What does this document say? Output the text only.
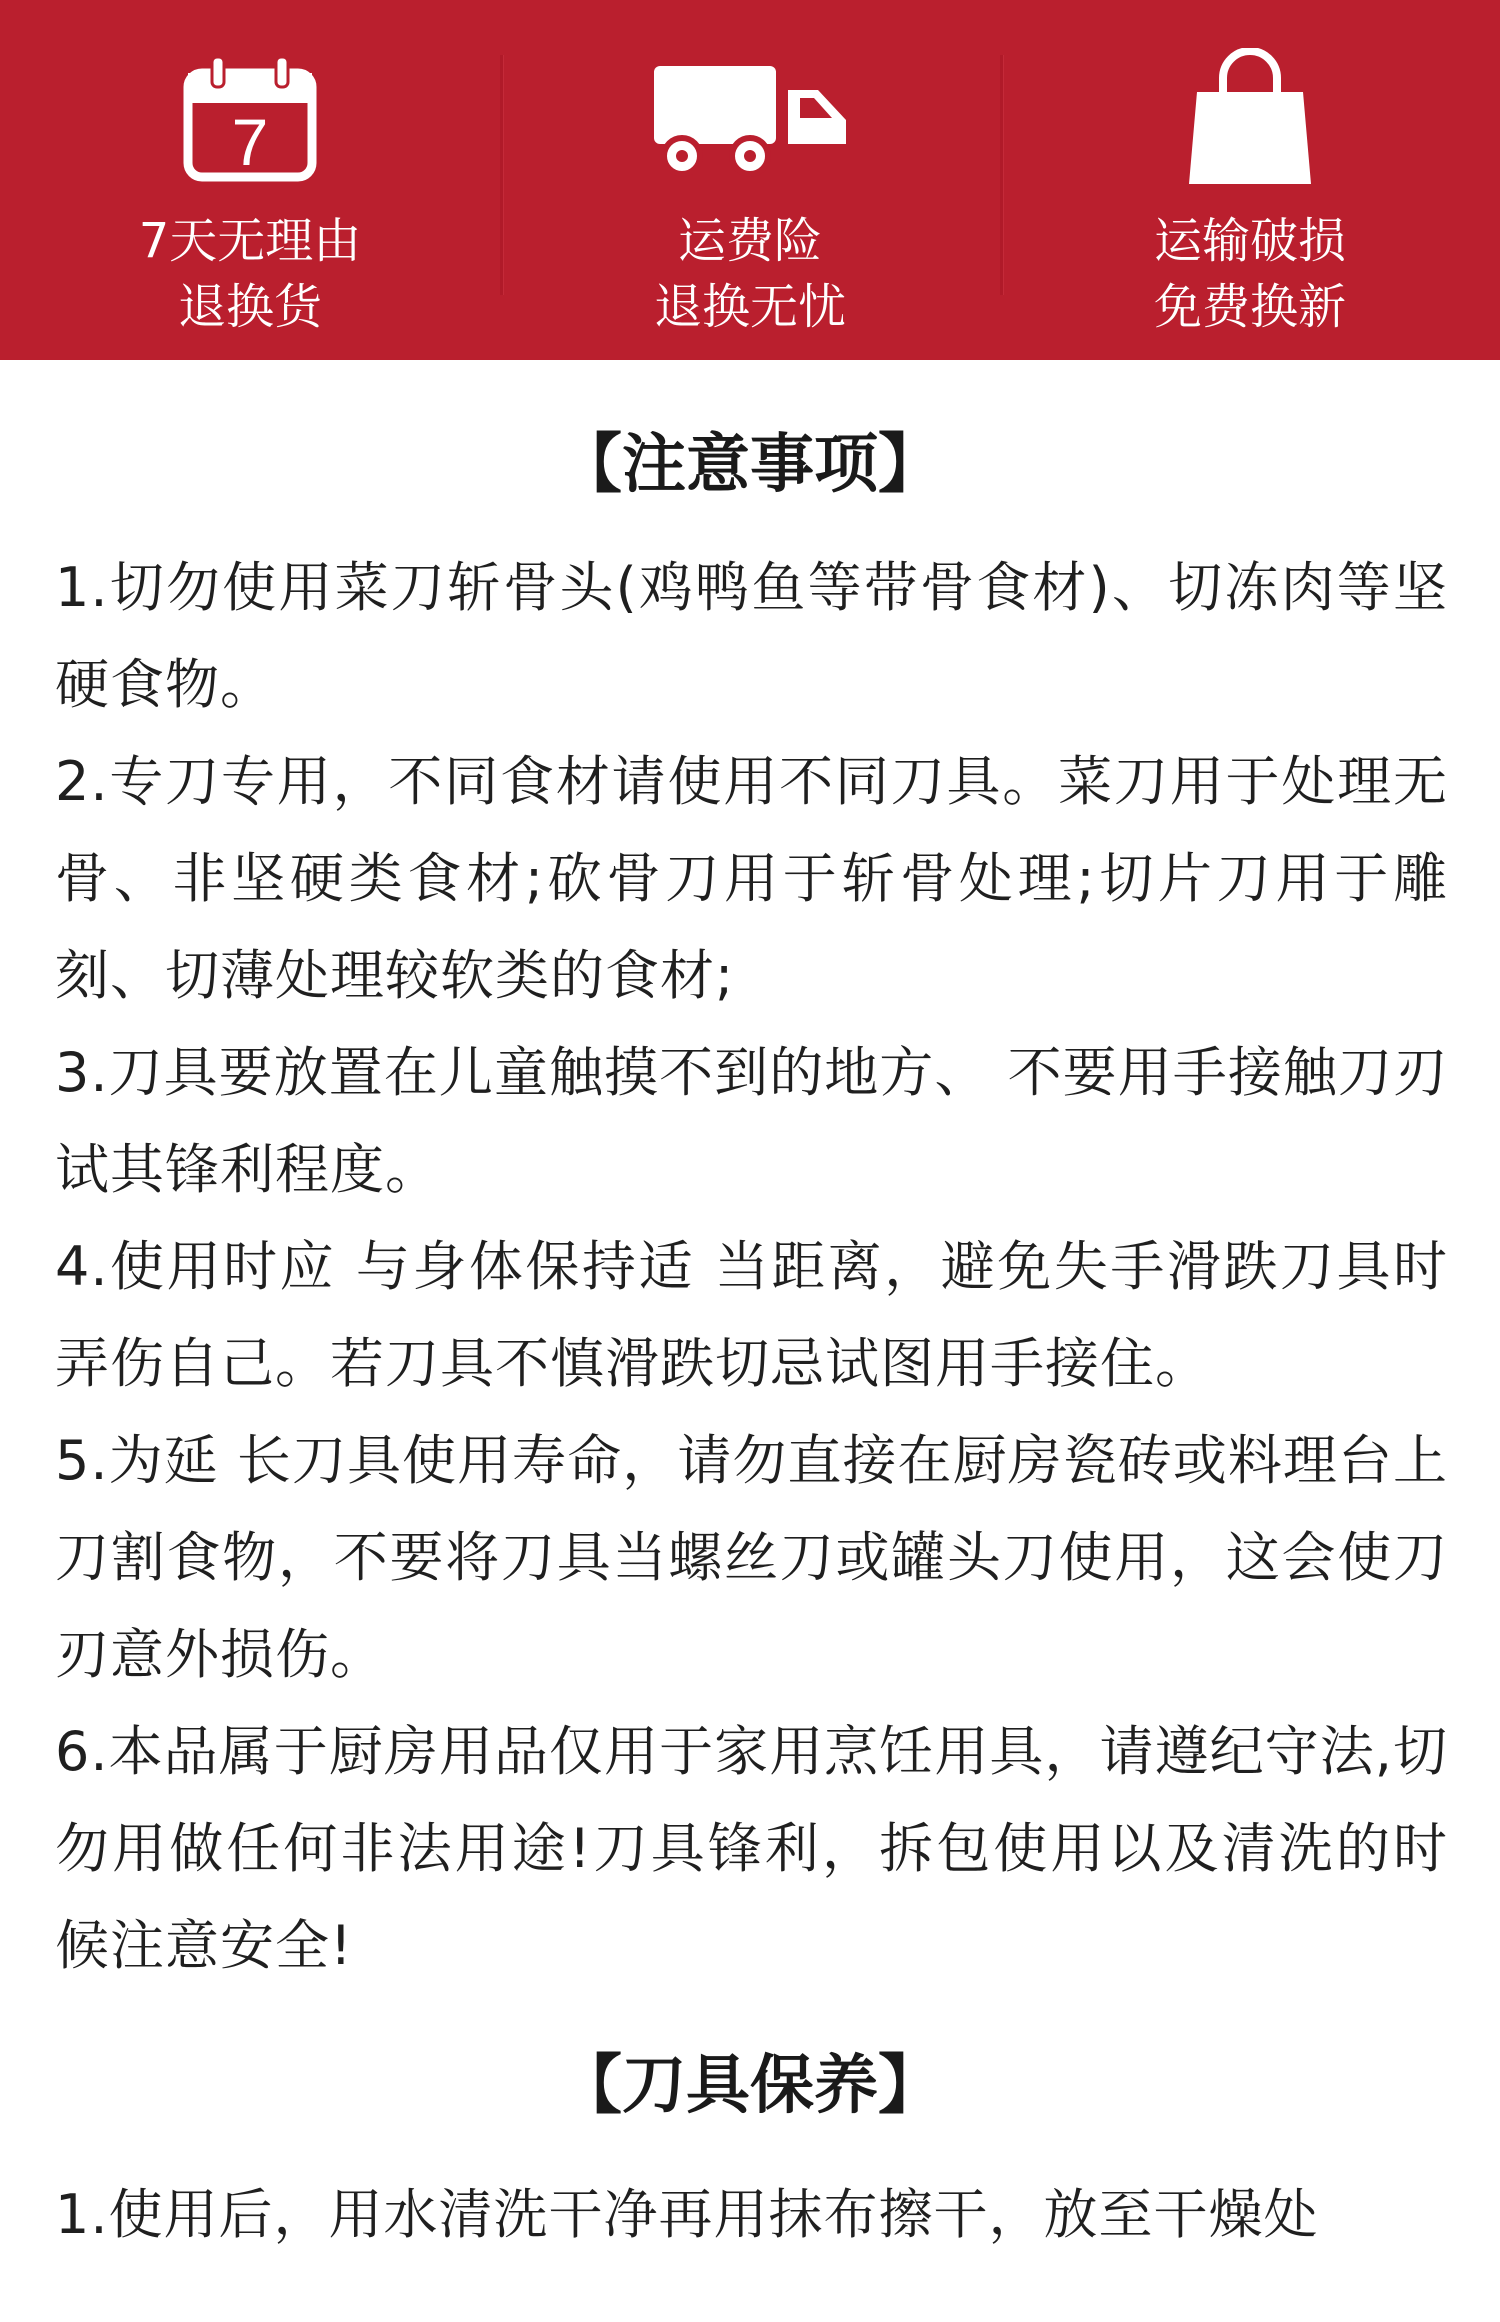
7
7天无理由
退换货
运费险
退换无忧
运输破损
免费换新
【注意事项】
1.切勿使用菜刀斩骨头(鸡鸭鱼等带骨食材)、切冻肉等坚硬食物。
2.专刀专用，不同食材请使用不同刀具。菜刀用于处理无骨、非坚硬类食材;砍骨刀用于斩骨处理;切片刀用于雕刻、切薄处理较软类的食材;
3.刀具要放置在儿童触摸不到的地方、 不要用手接触刀刃试其锋利程度。
4.使用时应 与身体保持适 当距离，避免失手滑跌刀具时弄伤自己。若刀具不慎滑跌切忌试图用手接住。
5.为延 长刀具使用寿命，请勿直接在厨房瓷砖或料理台上刀割食物，不要将刀具当螺丝刀或罐头刀使用，这会使刀刃意外损伤。
6.本品属于厨房用品仅用于家用烹饪用具，请遵纪守法,切勿用做任何非法用途!刀具锋利，拆包使用以及清洗的时候注意安全!
【刀具保养】
1.使用后，用水清洗干净再用抹布擦干，放至干燥处
